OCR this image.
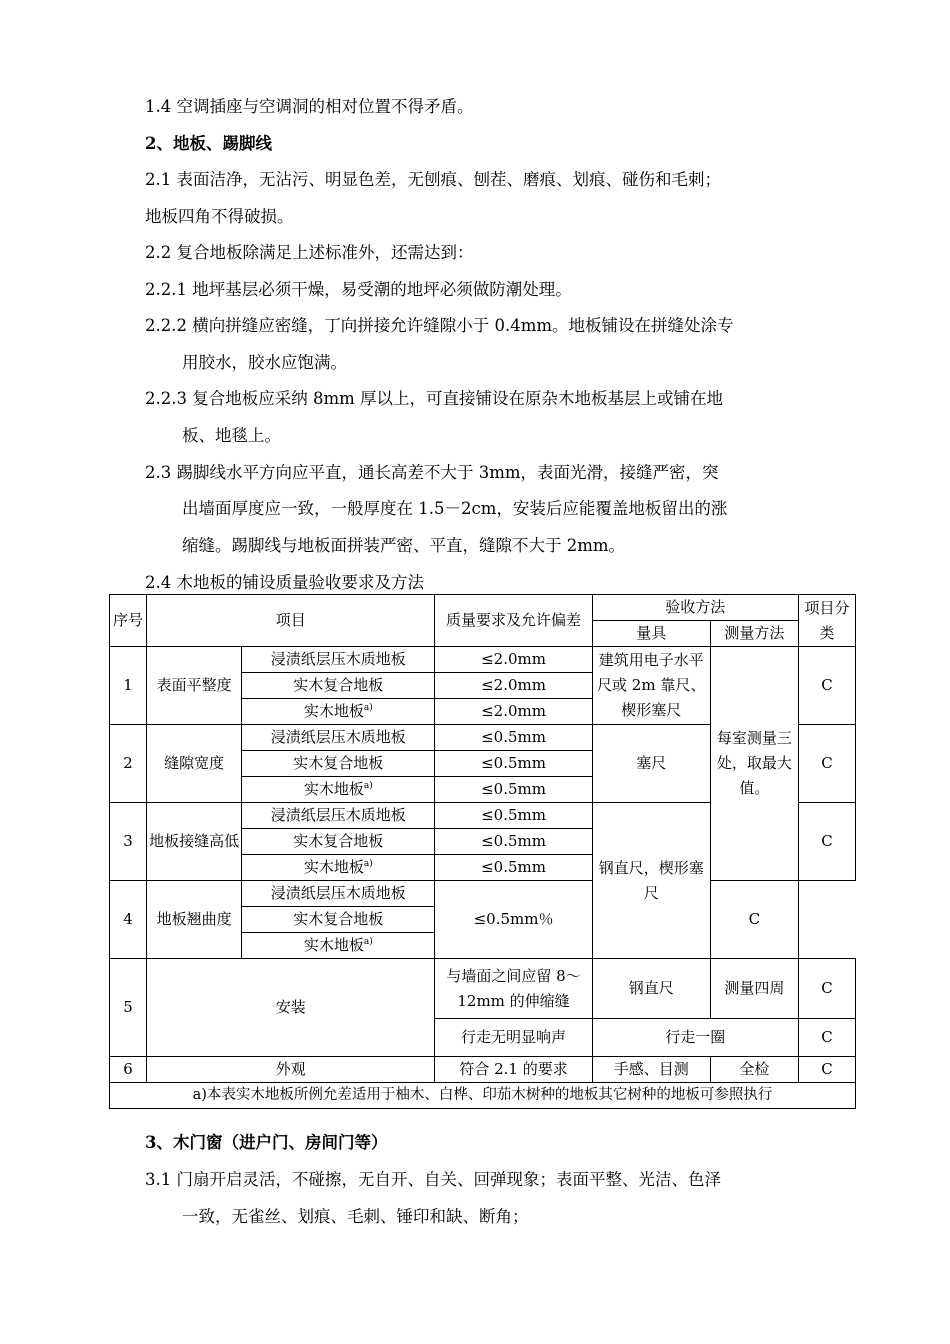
1.4 空调插座与空调洞的相对位置不得矛盾。
2、地板、踢脚线
2.1 表面洁净，无沾污、明显色差，无刨痕、刨茬、磨痕、划痕、碰伤和毛刺；
地板四角不得破损。
2.2 复合地板除满足上述标准外，还需达到：
2.2.1 地坪基层必须干燥，易受潮的地坪必须做防潮处理。
2.2.2 横向拼缝应密缝，丁向拼接允许缝隙小于 0.4mm。地板铺设在拼缝处涂专
用胶水，胶水应饱满。
2.2.3 复合地板应采纳 8mm 厚以上，可直接铺设在原杂木地板基层上或铺在地
板、地毯上。
2.3 踢脚线水平方向应平直，通长高差不大于 3mm，表面光滑，接缝严密，突
出墙面厚度应一致，一般厚度在 1.5－2cm，安装后应能覆盖地板留出的涨
缩缝。踢脚线与地板面拼装严密、平直，缝隙不大于 2mm。
2.4 木地板的铺设质量验收要求及方法
序号	项目		质量要求及允许偏差	验收方法		项目分类
				量具	测量方法	
1	表面平整度	浸渍纸层压木质地板	≤2.0mm	建筑用电子水平尺或 2m 靠尺、楔形塞尺	每室测量三处，取最大值。	C
		实木复合地板	≤2.0mm			
		实木地板$^{a)}$	≤2.0mm			
2	缝隙宽度	浸渍纸层压木质地板	≤0.5mm	塞尺		C
		实木复合地板	≤0.5mm			
		实木地板$^{a)}$	≤0.5mm			
3	地板接缝高低	浸渍纸层压木质地板	≤0.5mm	钢直尺，楔形塞尺		C
		实木复合地板	≤0.5mm			
		实木地板$^{a)}$	≤0.5mm			
4	地板翘曲度	浸渍纸层压木质地板	≤0.5mm％		C	
		实木复合地板				
		实木地板$^{a)}$
5	安装		与墙面之间应留 8～12mm 的伸缩缝	钢直尺	测量四周	C
			行走无明显响声	行走一圈		C
6	外观		符合 2.1 的要求	手感、目测	全检	C
a)本表实木地板所例允差适用于柚木、白桦、印茄木树种的地板其它树种的地板可参照执行						
3、木门窗（进户门、房间门等）
3.1 门扇开启灵活，不碰擦，无自开、自关、回弹现象；表面平整、光洁、色泽
一致，无雀丝、划痕、毛刺、锤印和缺、断角；
